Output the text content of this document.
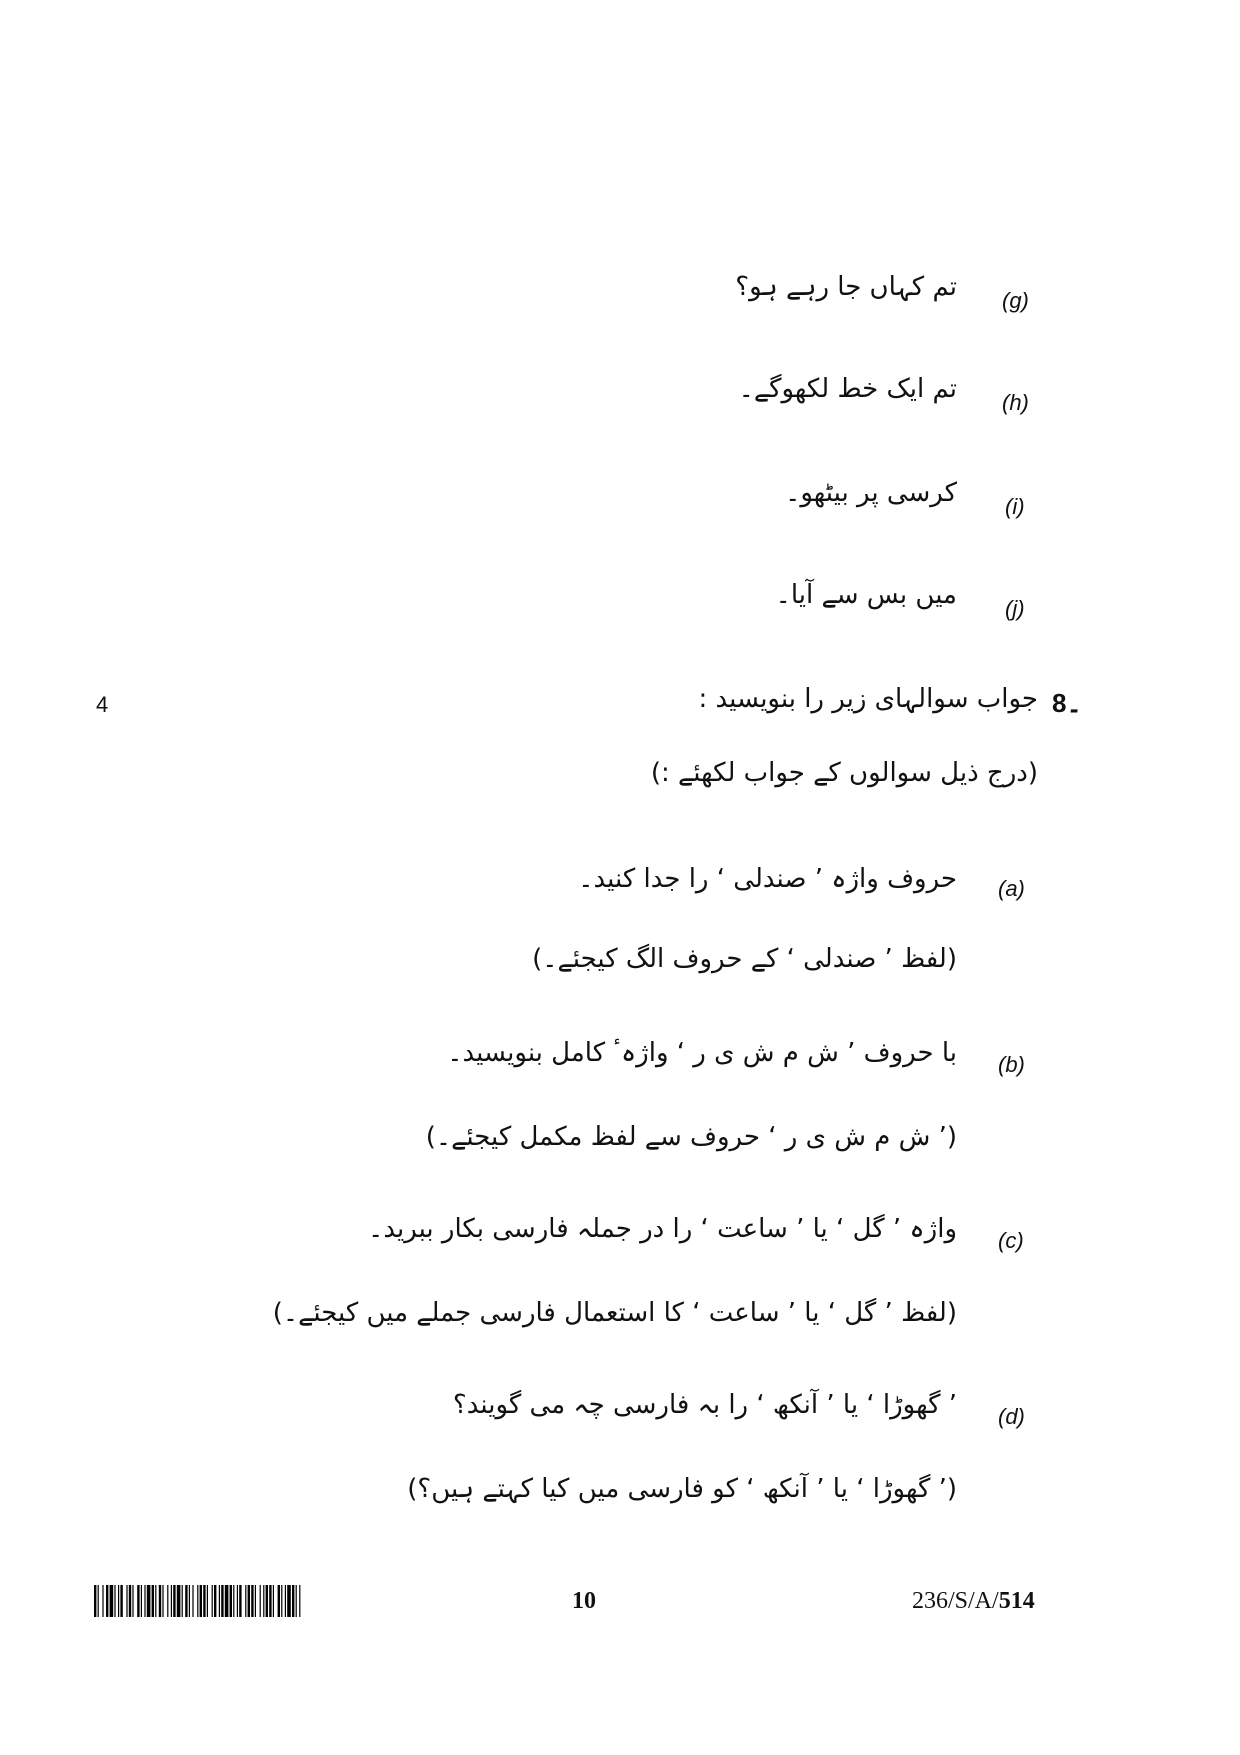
تم کہاں جا رہے ہو؟ (g)
تم ایک خط لکھوگے۔ (h)
کرسی پر بیٹھو۔ (i)
میں بس سے آیا۔ (j)
4	8۔
جواب سوالہای زیر را بنویسید :
(درج ذیل سوالوں کے جواب لکھئے :)
حروف واژہ ’ صندلی ‘ را جدا کنید۔ (a)
(لفظ ’ صندلی ‘ کے حروف الگ کیجئے۔)
با حروف ’ ش م ش ی ر ‘ واژہٴ کامل بنویسید۔ (b)
(’ ش م ش ی ر ‘ حروف سے لفظ مکمل کیجئے۔)
واژہ ’ گل ‘ یا ’ ساعت ‘ را در جملہ فارسی بکار ببرید۔ (c)
(لفظ ’ گل ‘ یا ’ ساعت ‘ کا استعمال فارسی جملے میں کیجئے۔)
’ گھوڑا ‘ یا ’ آنکھ ‘ را بہ فارسی چہ می گویند؟ (d)
(’ گھوڑا ‘ یا ’ آنکھ ‘ کو فارسی میں کیا کہتے ہیں؟)
10	236/S/A/514
